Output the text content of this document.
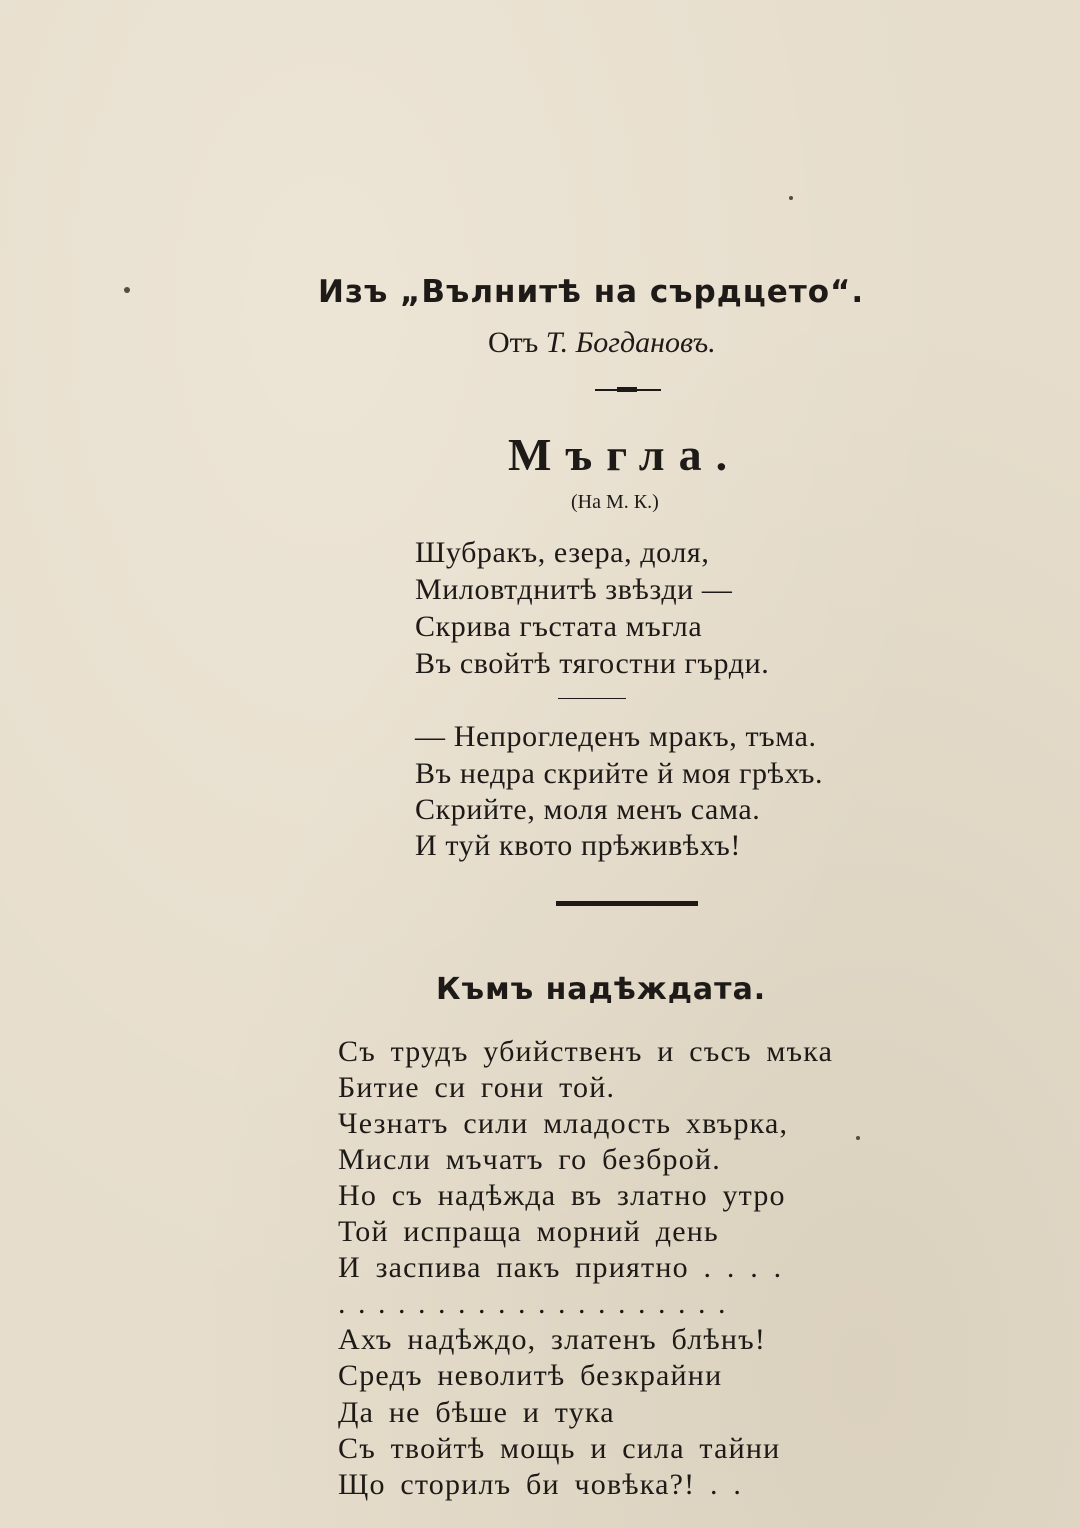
Изъ „Вълнитѣ на сърдцето“.
Отъ Т. Богдановъ.
Мъгла.
(На М. К.)
Шубракъ, езера, доля,
Миловтднитѣ звѣзди —
Скрива гъстата мъгла
Въ свойтѣ тягостни гърди.
— Непрогледенъ мракъ, тъма.
Въ недра скрийте й моя грѣхъ.
Скрийте, моля менъ сама.
И туй квото прѣживѣхъ!
Къмъ надѣждата.
Съ трудъ убийственъ и съсъ мъка
Битие си гони той.
Чезнатъ сили младость хвърка,
Мисли мъчатъ го безброй.
Но съ надѣжда въ златно утро
Той испраща морний день
И заспива пакъ приятно . . . .
. . . . . . . . . . . . . . . . . . . .
Ахъ надѣждо, златенъ блѣнъ!
Средъ неволитѣ безкрайни
Да не бѣше и тука
Съ твойтѣ мощь и сила тайни
Що сторилъ би човѣка?! . .
